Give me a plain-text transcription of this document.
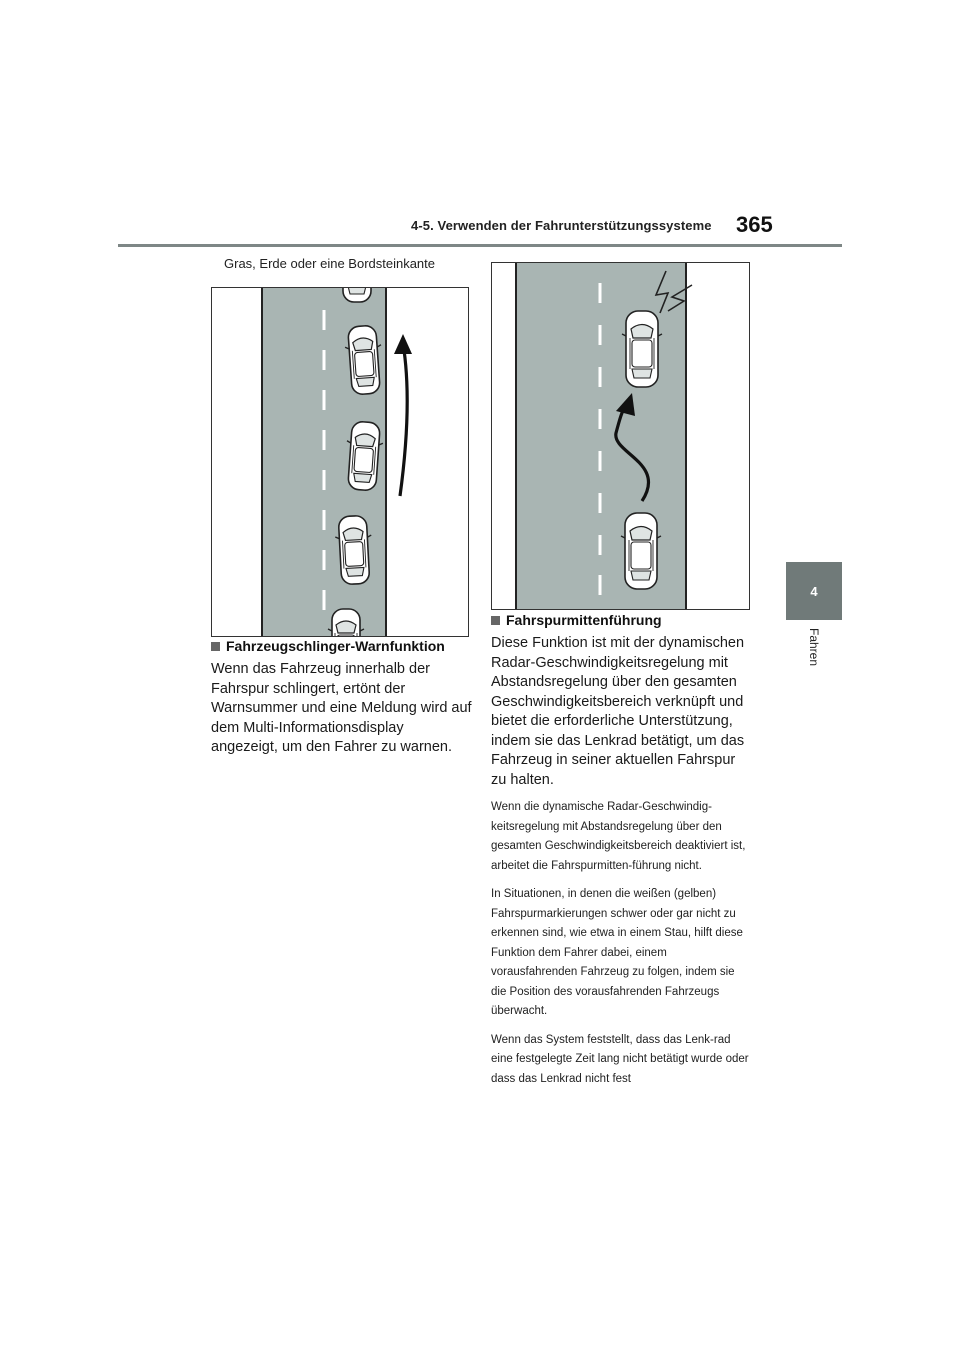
4-5. Verwenden der Fahrunterstützungssysteme 365
4
Fahren
Gras, Erde oder eine Bordsteinkante
Fahrzeugschlinger-Warnfunktion

Wenn das Fahrzeug innerhalb der Fahrspur schlingert, ertönt der Warnsummer und eine Meldung wird auf dem Multi-Informationsdisplay angezeigt, um den Fahrer zu warnen.

Fahrspurmittenführung

Diese Funktion ist mit der dynamischen Radar-Geschwindigkeitsregelung mit Abstandsregelung über den gesamten Geschwindigkeitsbereich verknüpft und bietet die erforderliche Unterstützung, indem sie das Lenkrad betätigt, um das Fahrzeug in seiner aktuellen Fahrspur zu halten.

Wenn die dynamische Radar-Geschwindig-keitsregelung mit Abstandsregelung über den gesamten Geschwindigkeitsbereich deaktiviert ist, arbeitet die Fahrspurmitten-führung nicht.

In Situationen, in denen die weißen (gelben) Fahrspurmarkierungen schwer oder gar nicht zu erkennen sind, wie etwa in einem Stau, hilft diese Funktion dem Fahrer dabei, einem vorausfahrenden Fahrzeug zu folgen, indem sie die Position des vorausfahrenden Fahrzeugs überwacht.

Wenn das System feststellt, dass das Lenk-rad eine festgelegte Zeit lang nicht betätigt wurde oder dass das Lenkrad nicht fest
